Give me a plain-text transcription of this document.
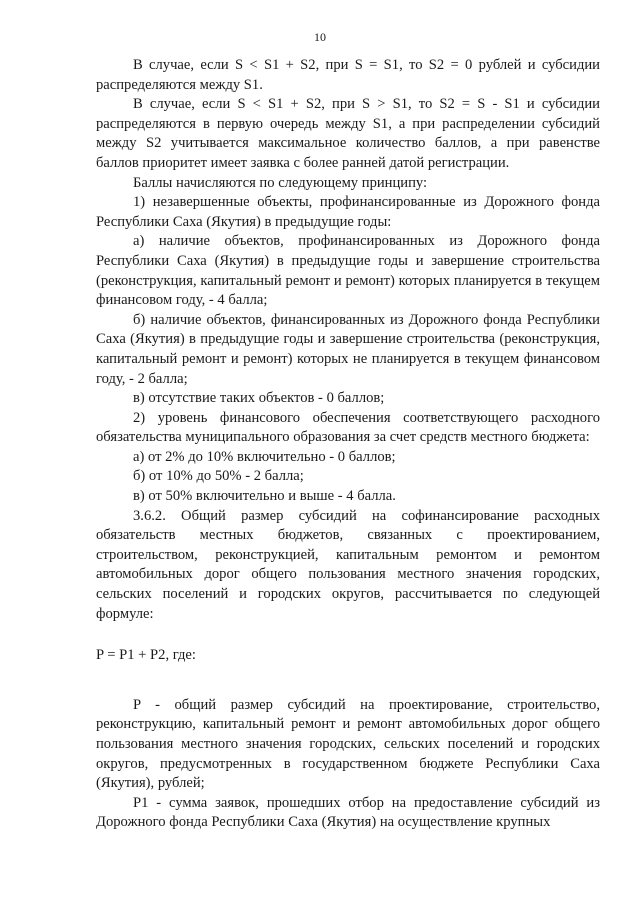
10

В случае, если S < S1 + S2, при S = S1, то S2 = 0 рублей и субсидии распределяются между S1.

В случае, если S < S1 + S2, при S > S1, то S2 = S - S1 и субсидии распределяются в первую очередь между S1, а при распределении субсидий между S2 учитывается максимальное количество баллов, а при равенстве баллов приоритет имеет заявка с более ранней датой регистрации.

Баллы начисляются по следующему принципу:

1) незавершенные объекты, профинансированные из Дорожного фонда Республики Саха (Якутия) в предыдущие годы:

а) наличие объектов, профинансированных из Дорожного фонда Республики Саха (Якутия) в предыдущие годы и завершение строительства (реконструкция, капитальный ремонт и ремонт) которых планируется в текущем финансовом году, - 4 балла;

б) наличие объектов, финансированных из Дорожного фонда Республики Саха (Якутия) в предыдущие годы и завершение строительства (реконструкция, капитальный ремонт и ремонт) которых не планируется в текущем финансовом году, - 2 балла;

в) отсутствие таких объектов - 0 баллов;

2) уровень финансового обеспечения соответствующего расходного обязательства муниципального образования за счет средств местного бюджета:

а) от 2% до 10% включительно - 0 баллов;

б) от 10% до 50% - 2 балла;

в) от 50% включительно и выше - 4 балла.

3.6.2. Общий размер субсидий на софинансирование расходных обязательств местных бюджетов, связанных с проектированием, строительством, реконструкцией, капитальным ремонтом и ремонтом автомобильных дорог общего пользования местного значения городских, сельских поселений и городских округов, рассчитывается по следующей формуле:

P = P1 + P2, где:

P - общий размер субсидий на проектирование, строительство, реконструкцию, капитальный ремонт и ремонт автомобильных дорог общего пользования местного значения городских, сельских поселений и городских округов, предусмотренных в государственном бюджете Республики Саха (Якутия), рублей;

P1 - сумма заявок, прошедших отбор на предоставление субсидий из Дорожного фонда Республики Саха (Якутия) на осуществление крупных
